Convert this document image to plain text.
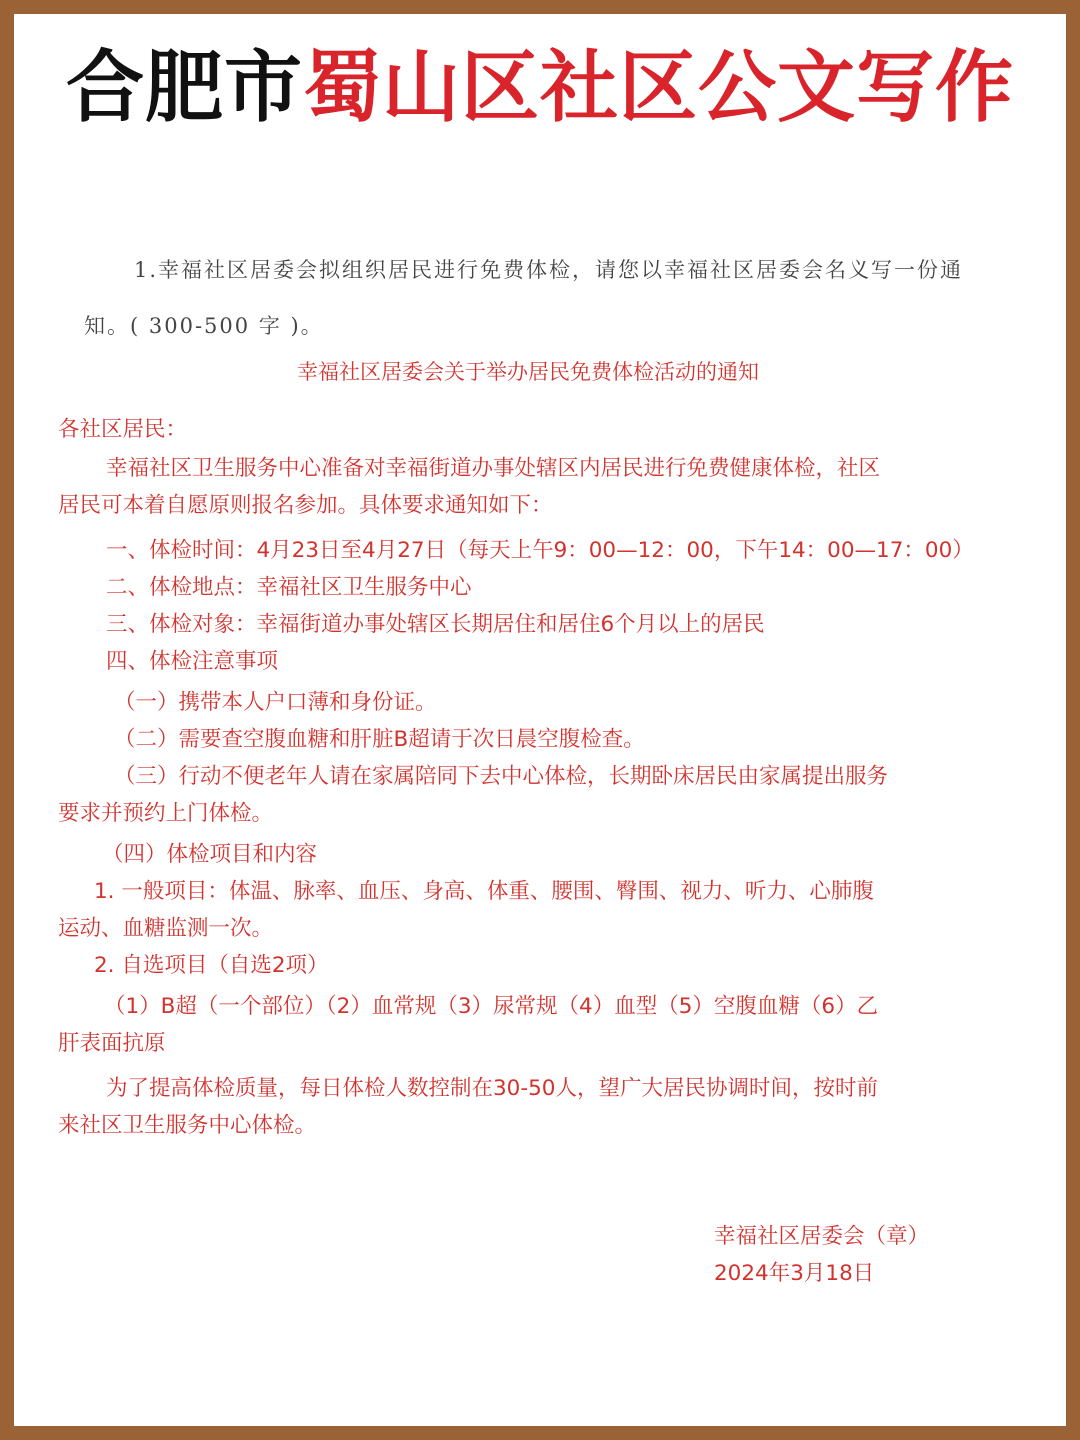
合肥市蜀山区社区公文写作

1.幸福社区居委会拟组织居民进行免费体检，请您以幸福社区居委会名义写一份通

知。( 300-500 字 )。

幸福社区居委会关于举办居民免费体检活动的通知

各社区居民：

幸福社区卫生服务中心准备对幸福街道办事处辖区内居民进行免费健康体检，社区

居民可本着自愿原则报名参加。具体要求通知如下：

一、体检时间：4月23日至4月27日（每天上午9：00—12：00，下午14：00—17：00）

二、体检地点：幸福社区卫生服务中心

三、体检对象：幸福街道办事处辖区长期居住和居住6个月以上的居民

四、体检注意事项

（一）携带本人户口薄和身份证。

（二）需要查空腹血糖和肝脏B超请于次日晨空腹检查。

（三）行动不便老年人请在家属陪同下去中心体检，长期卧床居民由家属提出服务

要求并预约上门体检。

（四）体检项目和内容

1. 一般项目：体温、脉率、血压、身高、体重、腰围、臀围、视力、听力、心肺腹

运动、血糖监测一次。

2. 自选项目（自选2项）

（1）B超（一个部位）（2）血常规（3）尿常规（4）血型（5）空腹血糖（6）乙

肝表面抗原

为了提高体检质量，每日体检人数控制在30-50人，望广大居民协调时间，按时前

来社区卫生服务中心体检。

幸福社区居委会（章）
2024年3月18日
